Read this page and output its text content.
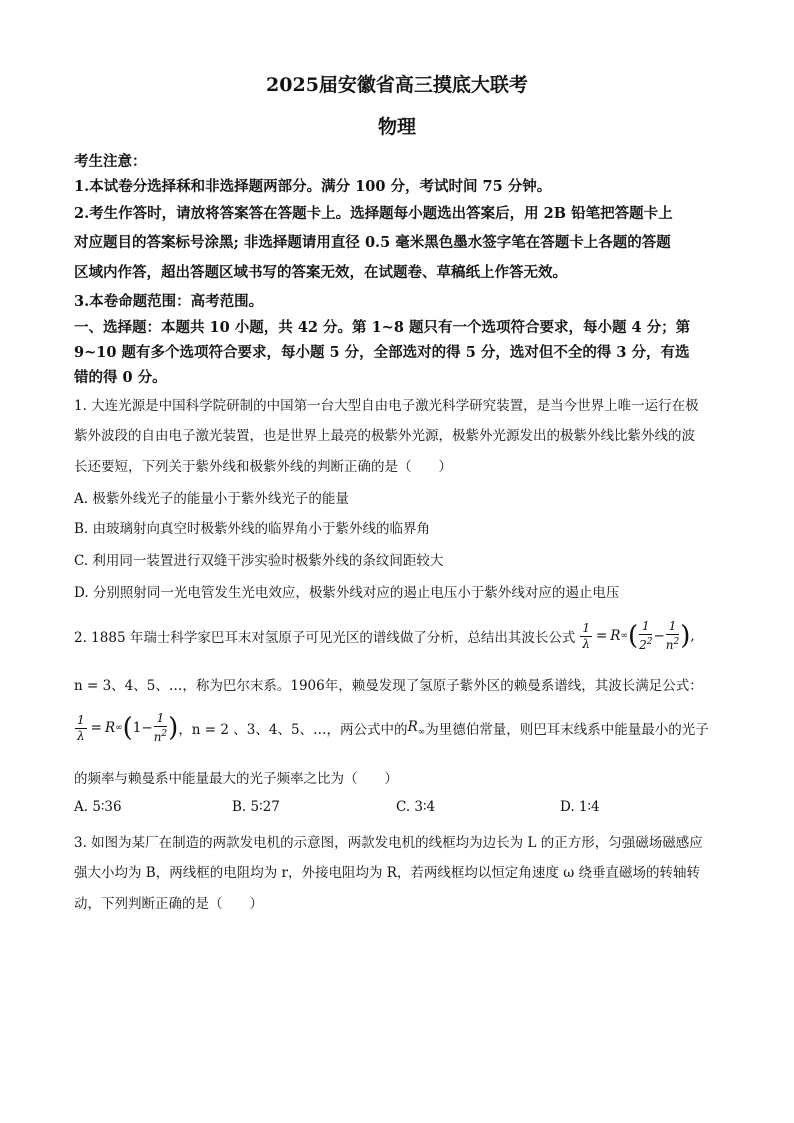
2025届安徽省高三摸底大联考
物理
考生注意：
1.本试卷分选择秝和非选择题两部分。满分 100 分，考试时间 75 分钟。
2.考生作答时，请放将答案答在答题卡上。选择题每小题选出答案后，用 2B 铅笔把答题卡上
对应题目的答案标号涂黑; 非选择题请用直径 0.5 毫米黑色墨水签字笔在答题卡上各题的答题
区域内作答，超出答题区域书写的答案无效，在试题卷、草稿纸上作答无效。
3.本卷命题范围：高考范围。
一、选择题：本题共 10 小题，共 42 分。第 1~8 题只有一个选项符合要求，每小题 4 分；第
9~10 题有多个选项符合要求，每小题 5 分，全部选对的得 5 分，选对但不全的得 3 分，有选
错的得 0 分。
1. 大连光源是中国科学院研制的中国第一台大型自由电子激光科学研究装置，是当今世界上唯一运行在极
紫外波段的自由电子激光装置，也是世界上最亮的极紫外光源，极紫外光源发出的极紫外线比紫外线的波
长还要短，下列关于紫外线和极紫外线的判断正确的是（　　）
A. 极紫外线光子的能量小于紫外线光子的能量
B. 由玻璃射向真空时极紫外线的临界角小于紫外线的临界角
C. 利用同一装置进行双缝干涉实验时极紫外线的条纹间距较大
D. 分别照射同一光电管发生光电效应，极紫外线对应的遏止电压小于紫外线对应的遏止电压
2. 1885 年瑞士科学家巴耳末对氢原子可见光区的谱线做了分析，总结出其波长公式 $\frac{1}{\lambda} = R$ ∞ ( $\frac{1}{2^2} - \frac{1}{n^2}$ ) ,
n = 3、4、5、…，称为巴尔末系。1906年，赖曼发现了氢原子紫外区的赖曼系谱线，其波长满足公式：
$\frac{1}{\lambda} = R$ ∞ ( $1- \frac{1}{n^2}$ ) ，n = 2 、3、4、5、…，两公式中的 $R_\infty$ 为里德伯常量，则巴耳末线系中能量最小的光子
的频率与赖曼系中能量最大的光子频率之比为（　　）
A. 5∶36	B. 5∶27	C. 3∶4	D. 1∶4
3. 如图为某厂在制造的两款发电机的示意图，两款发电机的线框均为边长为 L 的正方形，匀强磁场磁感应
强大小均为 B，两线框的电阻均为 r，外接电阻均为 R，若两线框均以恒定角速度 ω 绕垂直磁场的转轴转
动，下列判断正确的是（　　）
